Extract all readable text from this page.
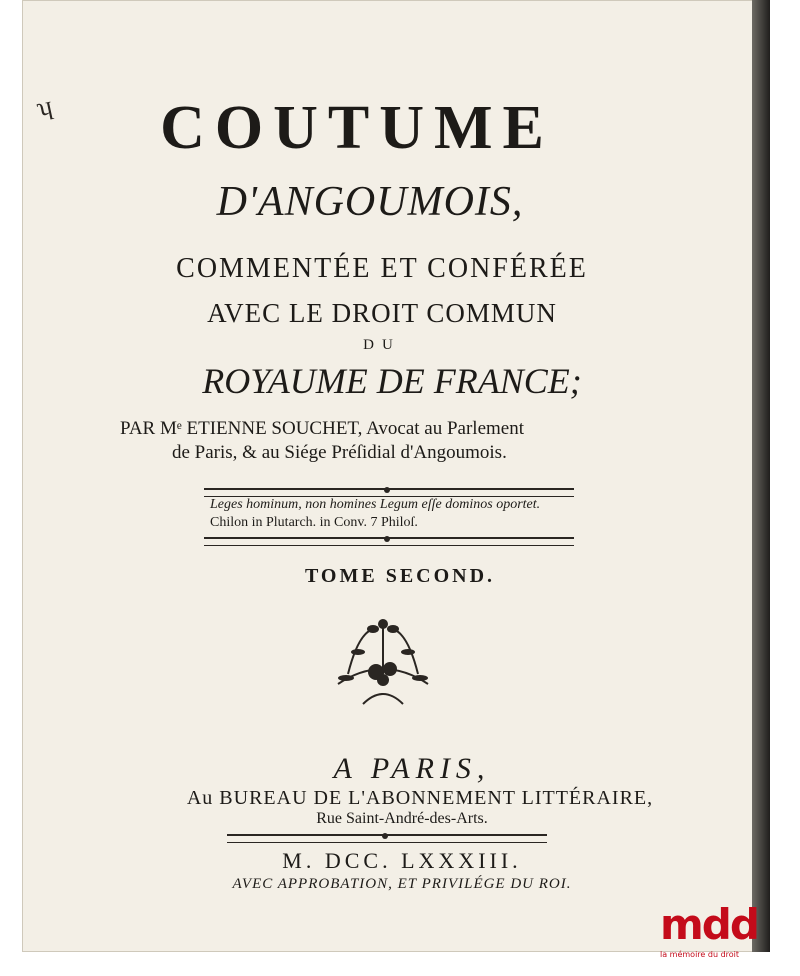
ʮ	COUTUME
D'ANGOUMOIS,
COMMENTÉE ET CONFÉRÉE
AVEC LE DROIT COMMUN
DU
ROYAUME DE FRANCE;
PAR Mᵉ ETIENNE SOUCHET, Avocat au Parlement
de Paris, & au Siége Préſidial d'Angoumois.
Leges hominum, non homines Legum eſſe dominos oportet.
Chilon in Plutarch. in Conv. 7 Philoſ.
TOME SECOND.
A PARIS,
Au BUREAU DE L'ABONNEMENT LITTÉRAIRE,
Rue Saint-André-des-Arts.
M. DCC. LXXXIII.
AVEC APPROBATION, ET PRIVILÉGE DU ROI.
mdd
la mémoire du droit
